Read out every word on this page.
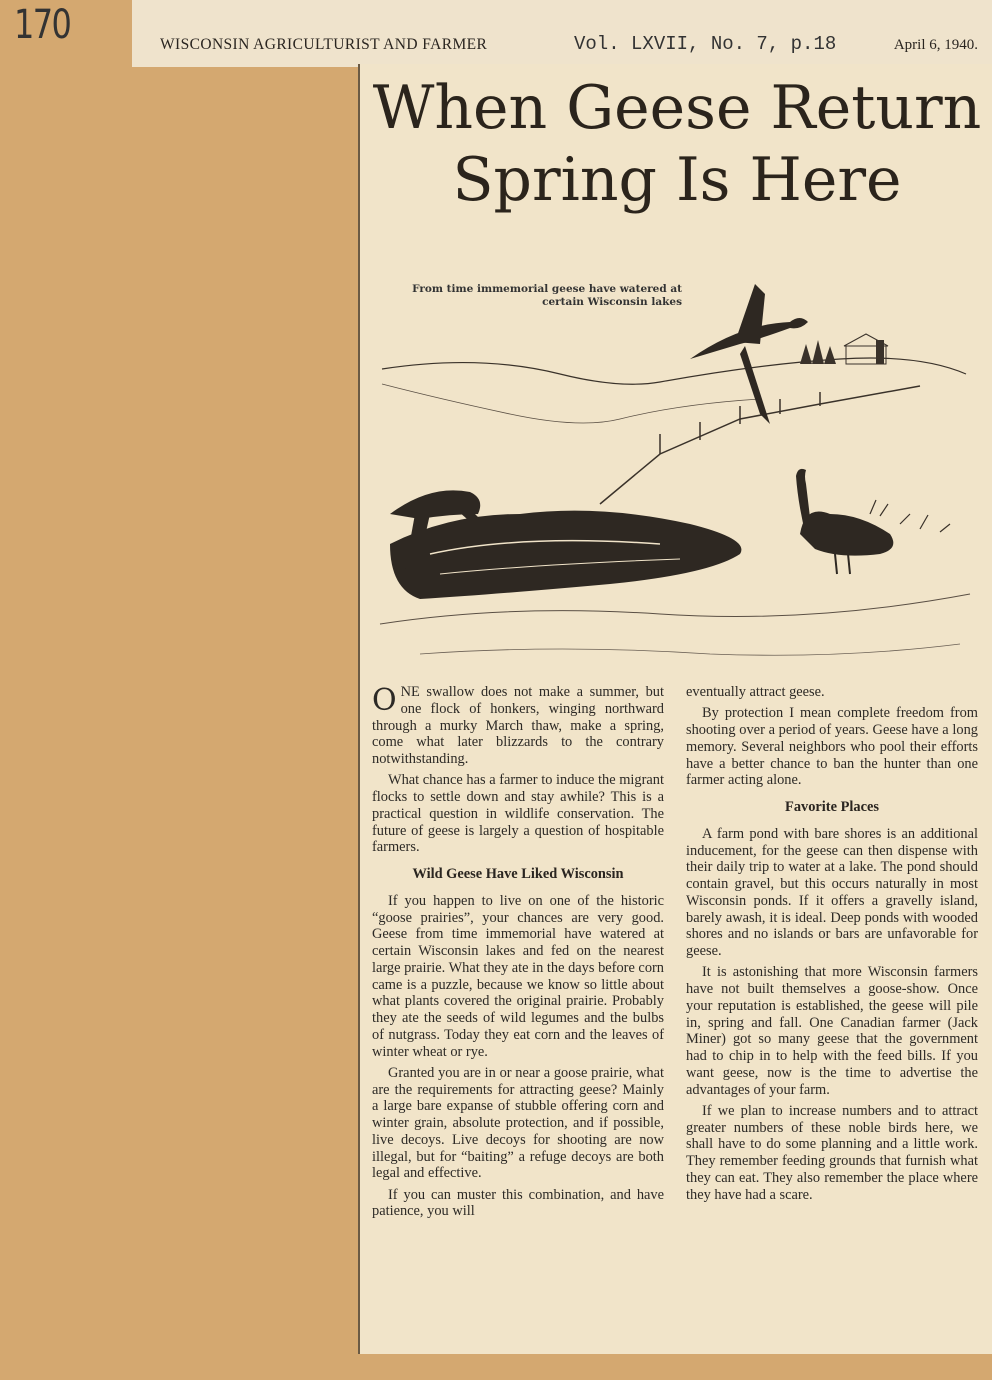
170	WISCONSIN AGRICULTURIST AND FARMER	Vol. LXVII, No. 7, p.18	April 6, 1940.
When Geese Return
Spring Is Here
From time immemorial geese have watered at certain Wisconsin lakes

ONE swallow does not make a summer, but one flock of honkers, winging northward through a murky March thaw, make a spring, come what later blizzards to the contrary notwithstanding.

What chance has a farmer to induce the migrant flocks to settle down and stay awhile? This is a practical question in wildlife conservation. The future of geese is largely a question of hospitable farmers.

Wild Geese Have Liked Wisconsin

If you happen to live on one of the historic “goose prairies”, your chances are very good. Geese from time immemorial have watered at certain Wisconsin lakes and fed on the nearest large prairie. What they ate in the days before corn came is a puzzle, because we know so little about what plants covered the original prairie. Probably they ate the seeds of wild legumes and the bulbs of nutgrass. Today they eat corn and the leaves of winter wheat or rye.

Granted you are in or near a goose prairie, what are the requirements for attracting geese? Mainly a large bare expanse of stubble offering corn and winter grain, absolute protection, and if possible, live decoys. Live decoys for shooting are now illegal, but for “baiting” a refuge decoys are both legal and effective.

If you can muster this combination, and have patience, you will

eventually attract geese.

By protection I mean complete freedom from shooting over a period of years. Geese have a long memory. Several neighbors who pool their efforts have a better chance to ban the hunter than one farmer acting alone.

Favorite Places

A farm pond with bare shores is an additional inducement, for the geese can then dispense with their daily trip to water at a lake. The pond should contain gravel, but this occurs naturally in most Wisconsin ponds. If it offers a gravelly island, barely awash, it is ideal. Deep ponds with wooded shores and no islands or bars are unfavorable for geese.

It is astonishing that more Wisconsin farmers have not built themselves a goose-show. Once your reputation is established, the geese will pile in, spring and fall. One Canadian farmer (Jack Miner) got so many geese that the government had to chip in to help with the feed bills. If you want geese, now is the time to advertise the advantages of your farm.

If we plan to increase numbers and to attract greater numbers of these noble birds here, we shall have to do some planning and a little work. They remember feeding grounds that furnish what they can eat. They also remember the place where they have had a scare.
